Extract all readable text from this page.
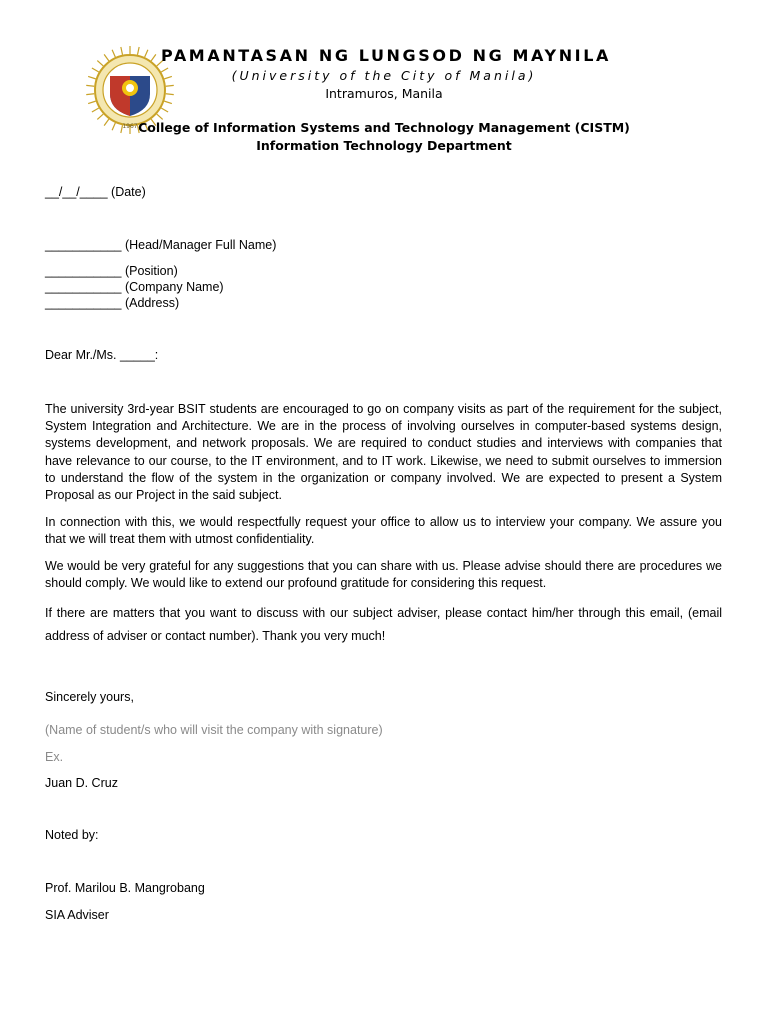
1967
PAMANTASAN NG LUNGSOD NG MAYNILA
(University of the City of Manila)
Intramuros, Manila
College of Information Systems and Technology Management (CISTM)
Information Technology Department
__/__/____ (Date)
___________ (Head/Manager Full Name)
___________ (Position)
___________ (Company Name)
___________ (Address)
Dear Mr./Ms. _____:
The university 3rd-year BSIT students are encouraged to go on company visits as part of the requirement for the subject, System Integration and Architecture. We are in the process of involving ourselves in computer-based systems design, systems development, and network proposals. We are required to conduct studies and interviews with companies that have relevance to our course, to the IT environment, and to IT work. Likewise, we need to submit ourselves to immersion to understand the flow of the system in the organization or company involved. We are expected to present a System Proposal as our Project in the said subject.
In connection with this, we would respectfully request your office to allow us to interview your company. We assure you that we will treat them with utmost confidentiality.
We would be very grateful for any suggestions that you can share with us. Please advise should there are procedures we should comply. We would like to extend our profound gratitude for considering this request.
If there are matters that you want to discuss with our subject adviser, please contact him/her through this email, (email address of adviser or contact number). Thank you very much!
Sincerely yours,
(Name of student/s who will visit the company with signature)
Ex.
Juan D. Cruz
Noted by:
Prof. Marilou B. Mangrobang
SIA Adviser
